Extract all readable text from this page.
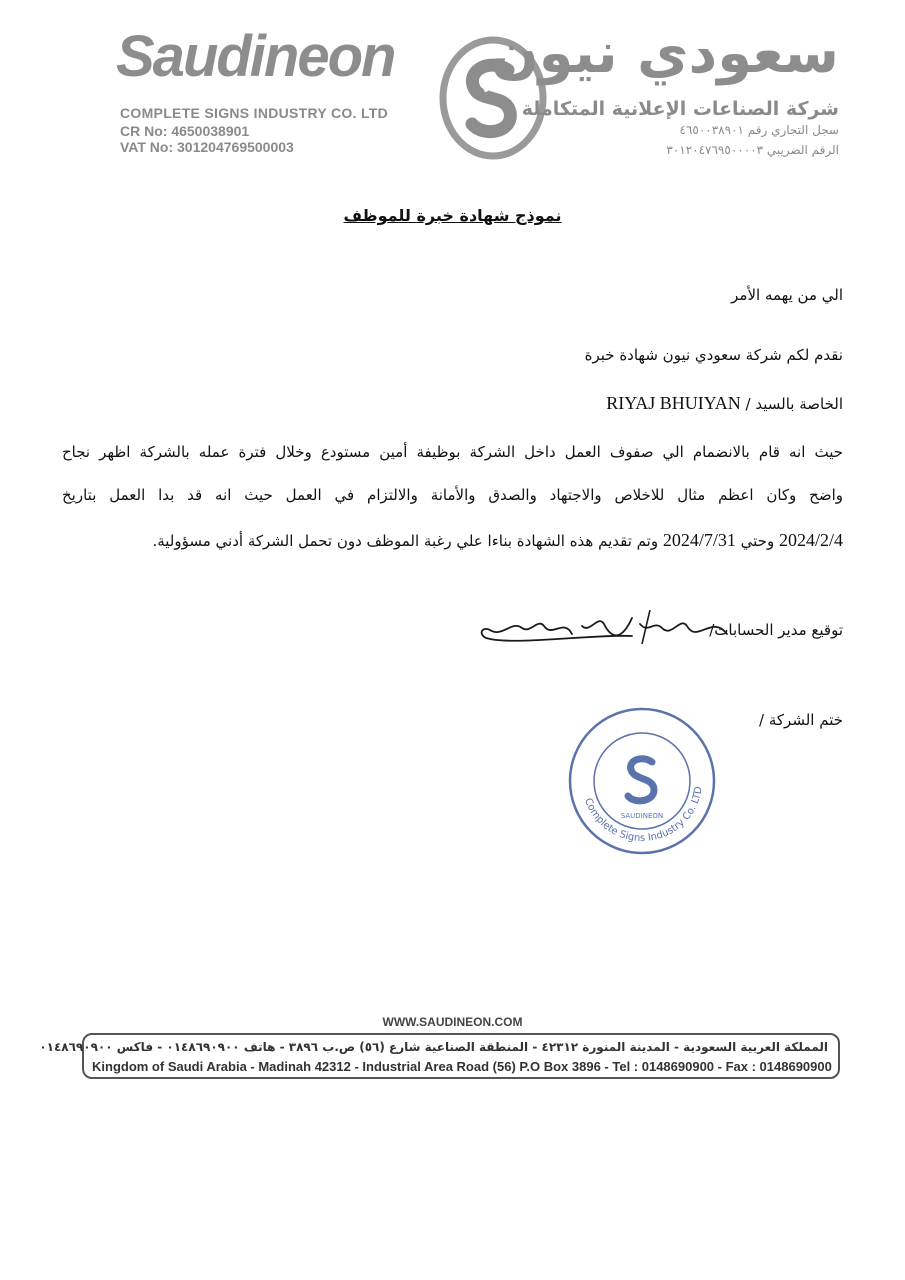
Saudineon
COMPLETE SIGNS INDUSTRY CO. LTD
CR No: 4650038901
VAT No: 301204769500003
سعودي نيون
شركة الصناعات الإعلانية المتكاملة
سجل التجاري رقم ٤٦٥٠٠٣٨٩٠١
الرقم الضريبي ٣٠١٢٠٤٧٦٩٥٠٠٠٠٣
نموذج شهادة خبرة للموظف
الي من يهمه الأمر
نقدم لكم شركة سعودي نيون شهادة خبرة
الخاصة بالسيد / RIYAJ BHUIYAN
حيث انه قام بالانضمام الي صفوف العمل داخل الشركة بوظيفة أمين مستودع وخلال فترة عمله بالشركة اظهر نجاح
واضح وكان اعظم مثال للاخلاص والاجتهاد والصدق والأمانة والالتزام في العمل حيث انه قد بدا العمل بتاريخ
2024/2/4 وحتي 2024/7/31 وتم تقديم هذه الشهادة بناءا علي رغبة الموظف دون تحمل الشركة أدني مسؤولية.
توقيع مدير الحسابات/
ختم الشركة /
Complete Signs Industry Co. LTD
SAUDINEON
WWW.SAUDINEON.COM
المملكة العربية السعودية - المدينة المنورة ٤٢٣١٢ - المنطقة الصناعية شارع (٥٦) ص.ب ٣٨٩٦ - هاتف ٠١٤٨٦٩٠٩٠٠ - فاكس ٠١٤٨٦٩٠٩٠٠
Kingdom of Saudi Arabia - Madinah 42312 - Industrial Area Road (56) P.O Box 3896 - Tel : 0148690900 - Fax : 0148690900
